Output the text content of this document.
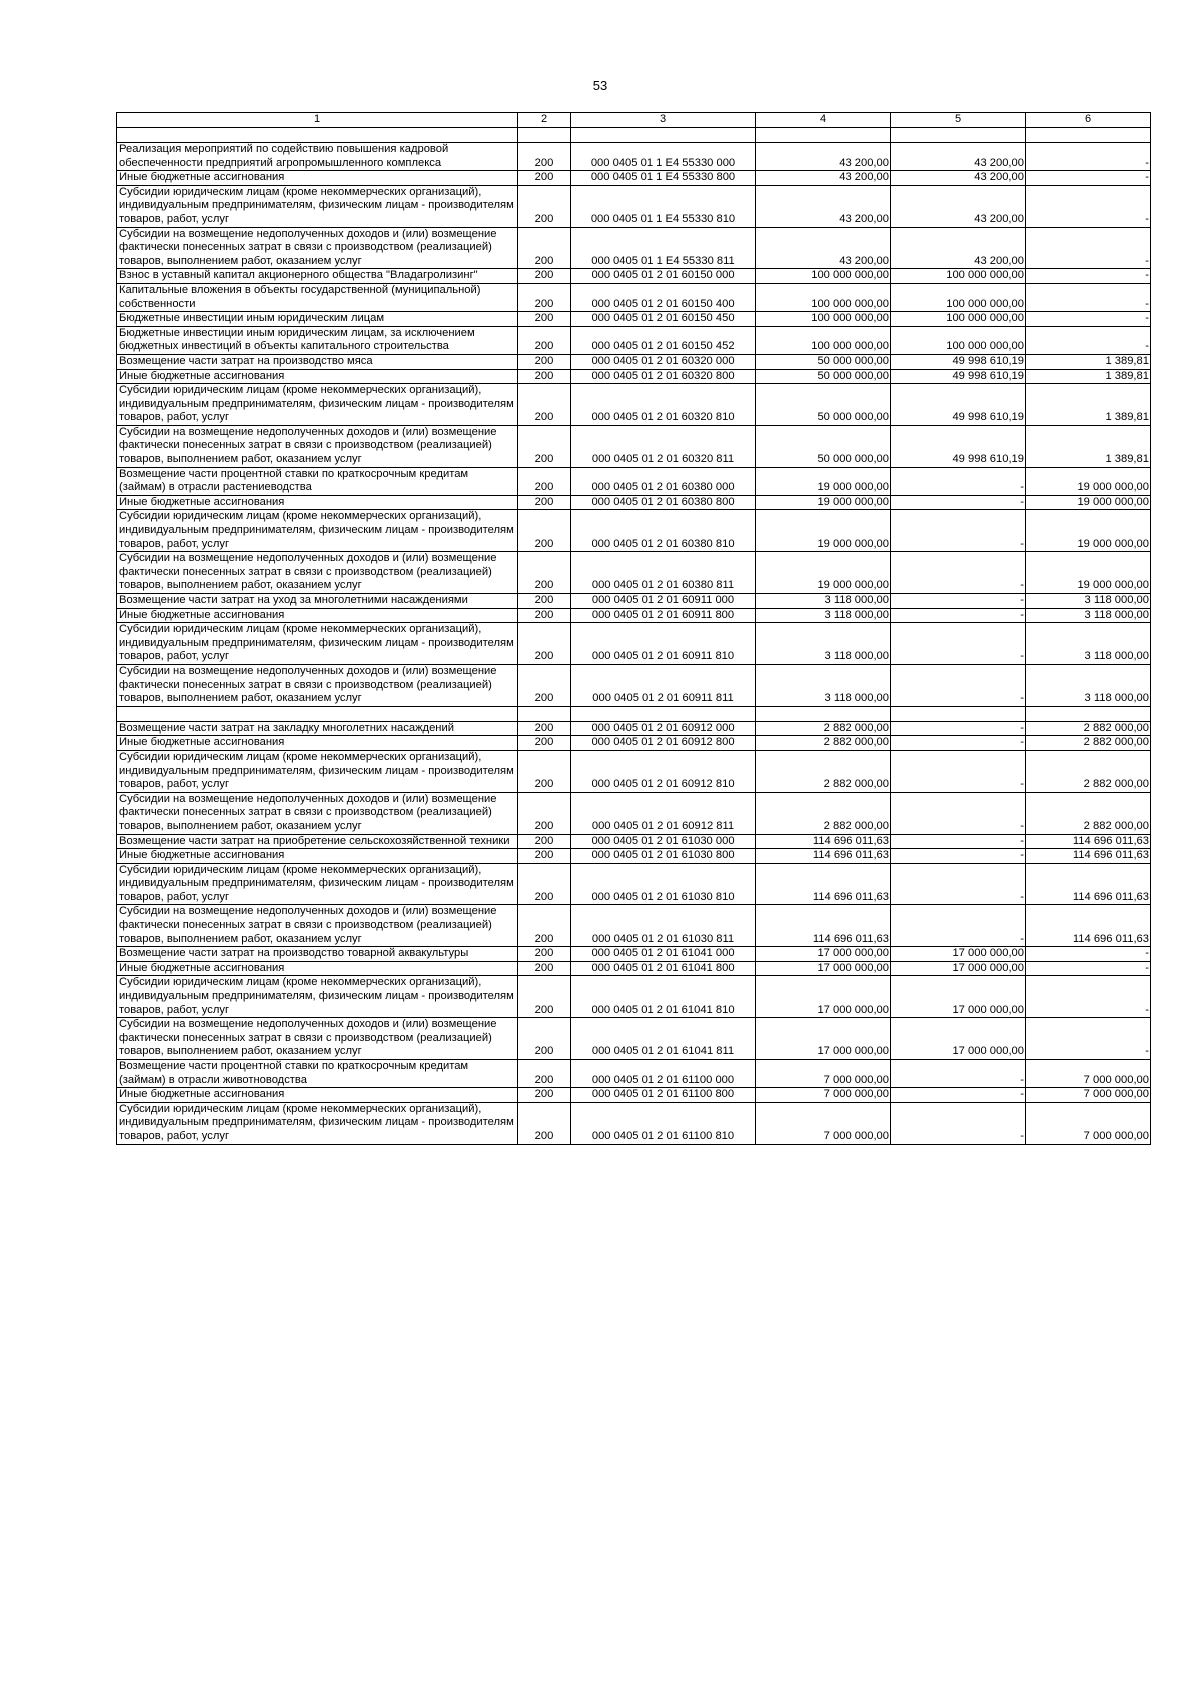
53
1	2	3	4	5	6

Реализация мероприятий по содействию повышения кадровой обеспеченности предприятий агропромышленного комплекса	200	000 0405 01 1 E4 55330 000	43 200,00	43 200,00	-
Иные бюджетные ассигнования	200	000 0405 01 1 E4 55330 800	43 200,00	43 200,00	-
Субсидии юридическим лицам (кроме некоммерческих организаций), индивидуальным предпринимателям, физическим лицам - производителям товаров, работ, услуг	200	000 0405 01 1 E4 55330 810	43 200,00	43 200,00	-
Субсидии на возмещение недополученных доходов и (или) возмещение фактически понесенных затрат в связи с производством (реализацией) товаров, выполнением работ, оказанием услуг	200	000 0405 01 1 E4 55330 811	43 200,00	43 200,00	-
Взнос в уставный капитал акционерного общества "Владагролизинг"	200	000 0405 01 2 01 60150 000	100 000 000,00	100 000 000,00	-
Капитальные вложения в объекты государственной (муниципальной) собственности	200	000 0405 01 2 01 60150 400	100 000 000,00	100 000 000,00	-
Бюджетные инвестиции иным юридическим лицам	200	000 0405 01 2 01 60150 450	100 000 000,00	100 000 000,00	-
Бюджетные инвестиции иным юридическим лицам, за исключением бюджетных инвестиций в объекты капитального строительства	200	000 0405 01 2 01 60150 452	100 000 000,00	100 000 000,00	-
Возмещение части затрат на производство мяса	200	000 0405 01 2 01 60320 000	50 000 000,00	49 998 610,19	1 389,81
Иные бюджетные ассигнования	200	000 0405 01 2 01 60320 800	50 000 000,00	49 998 610,19	1 389,81
Субсидии юридическим лицам (кроме некоммерческих организаций), индивидуальным предпринимателям, физическим лицам - производителям товаров, работ, услуг	200	000 0405 01 2 01 60320 810	50 000 000,00	49 998 610,19	1 389,81
Субсидии на возмещение недополученных доходов и (или) возмещение фактически понесенных затрат в связи с производством (реализацией) товаров, выполнением работ, оказанием услуг	200	000 0405 01 2 01 60320 811	50 000 000,00	49 998 610,19	1 389,81
Возмещение части процентной ставки по краткосрочным кредитам (займам) в отрасли растениеводства	200	000 0405 01 2 01 60380 000	19 000 000,00	-	19 000 000,00
Иные бюджетные ассигнования	200	000 0405 01 2 01 60380 800	19 000 000,00	-	19 000 000,00
Субсидии юридическим лицам (кроме некоммерческих организаций), индивидуальным предпринимателям, физическим лицам - производителям товаров, работ, услуг	200	000 0405 01 2 01 60380 810	19 000 000,00	-	19 000 000,00
Субсидии на возмещение недополученных доходов и (или) возмещение фактически понесенных затрат в связи с производством (реализацией) товаров, выполнением работ, оказанием услуг	200	000 0405 01 2 01 60380 811	19 000 000,00	-	19 000 000,00
Возмещение части затрат на уход за многолетними насаждениями	200	000 0405 01 2 01 60911 000	3 118 000,00	-	3 118 000,00
Иные бюджетные ассигнования	200	000 0405 01 2 01 60911 800	3 118 000,00	-	3 118 000,00
Субсидии юридическим лицам (кроме некоммерческих организаций), индивидуальным предпринимателям, физическим лицам - производителям товаров, работ, услуг	200	000 0405 01 2 01 60911 810	3 118 000,00	-	3 118 000,00
Субсидии на возмещение недополученных доходов и (или) возмещение фактически понесенных затрат в связи с производством (реализацией) товаров, выполнением работ, оказанием услуг	200	000 0405 01 2 01 60911 811	3 118 000,00	-	3 118 000,00

Возмещение части затрат на закладку многолетних насаждений	200	000 0405 01 2 01 60912 000	2 882 000,00	-	2 882 000,00
Иные бюджетные ассигнования	200	000 0405 01 2 01 60912 800	2 882 000,00	-	2 882 000,00
Субсидии юридическим лицам (кроме некоммерческих организаций), индивидуальным предпринимателям, физическим лицам - производителям товаров, работ, услуг	200	000 0405 01 2 01 60912 810	2 882 000,00	-	2 882 000,00
Субсидии на возмещение недополученных доходов и (или) возмещение фактически понесенных затрат в связи с производством (реализацией) товаров, выполнением работ, оказанием услуг	200	000 0405 01 2 01 60912 811	2 882 000,00	-	2 882 000,00
Возмещение части затрат на приобретение сельскохозяйственной техники	200	000 0405 01 2 01 61030 000	114 696 011,63	-	114 696 011,63
Иные бюджетные ассигнования	200	000 0405 01 2 01 61030 800	114 696 011,63	-	114 696 011,63
Субсидии юридическим лицам (кроме некоммерческих организаций), индивидуальным предпринимателям, физическим лицам - производителям товаров, работ, услуг	200	000 0405 01 2 01 61030 810	114 696 011,63	-	114 696 011,63
Субсидии на возмещение недополученных доходов и (или) возмещение фактически понесенных затрат в связи с производством (реализацией) товаров, выполнением работ, оказанием услуг	200	000 0405 01 2 01 61030 811	114 696 011,63	-	114 696 011,63
Возмещение части затрат на производство товарной аквакультуры	200	000 0405 01 2 01 61041 000	17 000 000,00	17 000 000,00	-
Иные бюджетные ассигнования	200	000 0405 01 2 01 61041 800	17 000 000,00	17 000 000,00	-
Субсидии юридическим лицам (кроме некоммерческих организаций), индивидуальным предпринимателям, физическим лицам - производителям товаров, работ, услуг	200	000 0405 01 2 01 61041 810	17 000 000,00	17 000 000,00	-
Субсидии на возмещение недополученных доходов и (или) возмещение фактически понесенных затрат в связи с производством (реализацией) товаров, выполнением работ, оказанием услуг	200	000 0405 01 2 01 61041 811	17 000 000,00	17 000 000,00	-
Возмещение части процентной ставки по краткосрочным кредитам (займам) в отрасли животноводства	200	000 0405 01 2 01 61100 000	7 000 000,00	-	7 000 000,00
Иные бюджетные ассигнования	200	000 0405 01 2 01 61100 800	7 000 000,00	-	7 000 000,00
Субсидии юридическим лицам (кроме некоммерческих организаций), индивидуальным предпринимателям, физическим лицам - производителям товаров, работ, услуг	200	000 0405 01 2 01 61100 810	7 000 000,00	-	7 000 000,00
